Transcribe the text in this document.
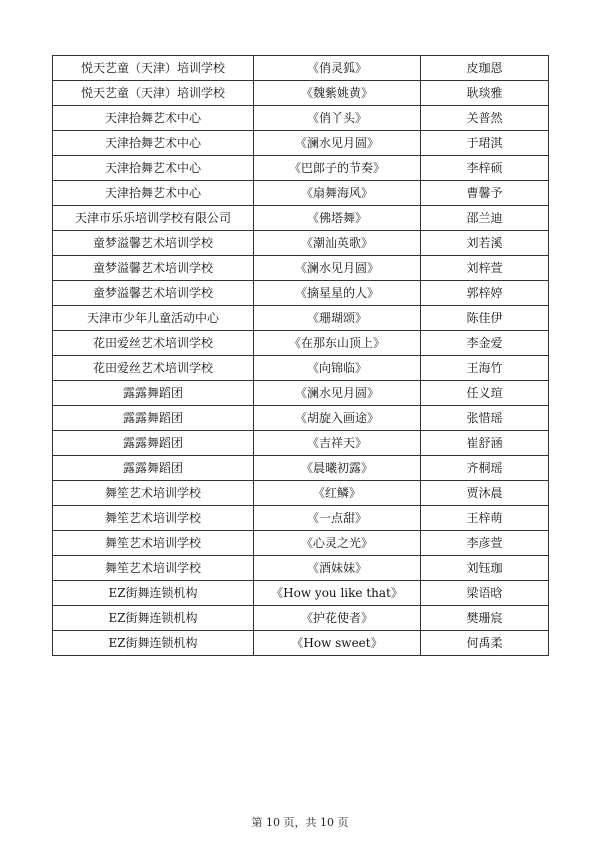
悦天艺童（天津）培训学校	《俏灵狐》	皮珈恩
悦天艺童（天津）培训学校	《魏紫姚黄》	耿琰雅
天津拾舞艺术中心	《俏丫头》	关普然
天津拾舞艺术中心	《澜水见月圆》	于珺淇
天津拾舞艺术中心	《巴郎子的节奏》	李梓硕
天津拾舞艺术中心	《扇舞海风》	曹馨予
天津市乐乐培训学校有限公司	《佛塔舞》	邵兰迪
童梦溢馨艺术培训学校	《潮汕英歌》	刘若溪
童梦溢馨艺术培训学校	《澜水见月圆》	刘梓萱
童梦溢馨艺术培训学校	《摘星星的人》	郭梓婷
天津市少年儿童活动中心	《珊瑚颂》	陈佳伊
花田爱丝艺术培训学校	《在那东山顶上》	李金爱
花田爱丝艺术培训学校	《向锦临》	王海竹
露露舞蹈团	《澜水见月圆》	任义瑄
露露舞蹈团	《胡旋入画途》	张惜瑶
露露舞蹈团	《吉祥天》	崔舒涵
露露舞蹈团	《晨曦初露》	齐桐瑶
舞笙艺术培训学校	《红鳞》	贾沐晨
舞笙艺术培训学校	《一点甜》	王梓萌
舞笙艺术培训学校	《心灵之光》	李彦萱
舞笙艺术培训学校	《酒妹妹》	刘钰珈
EZ街舞连锁机构	《How you like that》	梁语晗
EZ街舞连锁机构	《护花使者》	樊珊宸
EZ街舞连锁机构	《How sweet》	何禹柔
第 10 页，共 10 页
